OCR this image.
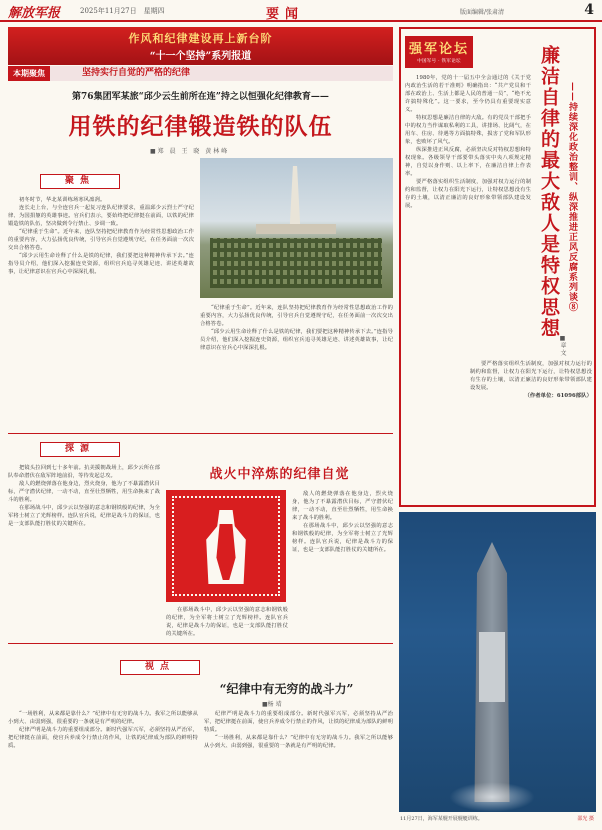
解放军报	2025年11月27日　星期四	要闻	版面编辑/张肃清	4
作风和纪律建设再上新台阶
“十一个坚持”系列报道
本期聚焦	坚持实行自觉的严格的纪律
第76集团军某旅“邱少云生前所在连”持之以恒强化纪律教育——
用铁的纪律锻造铁的队伍
■郑 晨 王 晓 黄林峰
聚焦

初冬时节，华北某训练场寒风凛冽。

连长走上台，与全连官兵一起复习连队纪律要求，重温邱少云烈士严守纪律、为国捐躯的英雄事迹。官兵们表示，要始终把纪律挺在前面，以铁的纪律锻造铁的队伍，坚决做到令行禁止、步调一致。

“纪律重于生命”。近年来，连队坚持把纪律教育作为经常性思想政治工作的重要内容，大力弘扬优良传统，引导官兵自觉遵规守纪，在任务面前一次次交出合格答卷。

“邱少云用生命诠释了什么是铁的纪律，我们要把这种精神传承下去。”连指导员介绍，他们深入挖掘连史资源，组织官兵追寻英雄足迹、讲述英雄故事，让纪律意识在官兵心中深深扎根。

“纪律重于生命”。近年来，连队坚持把纪律教育作为经常性思想政治工作的重要内容，大力弘扬优良传统，引导官兵自觉遵规守纪，在任务面前一次次交出合格答卷。

“邱少云用生命诠释了什么是铁的纪律，我们要把这种精神传承下去。”连指导员介绍，他们深入挖掘连史资源，组织官兵追寻英雄足迹、讲述英雄故事，让纪律意识在官兵心中深深扎根。

探源

把镜头拉回到七十多年前。抗美援朝战场上，邱少云所在部队奉命潜伏在敌军阵地前沿，等待发起总攻。

敌人的燃烧弹落在他身边，烈火烧身，他为了不暴露潜伏目标，严守潜伏纪律，一动不动，直至壮烈牺牲，用生命换来了战斗的胜利。

在那场战斗中，邱少云以坚强的意志和钢铁般的纪律，为全军将士树立了光辉榜样。连队官兵说，纪律是战斗力的保证，也是一支部队能打胜仗的关键所在。

战火中淬炼的纪律自觉

敌人的燃烧弹落在他身边，烈火烧身，他为了不暴露潜伏目标，严守潜伏纪律，一动不动，直至壮烈牺牲，用生命换来了战斗的胜利。

在那场战斗中，邱少云以坚强的意志和钢铁般的纪律，为全军将士树立了光辉榜样。连队官兵说，纪律是战斗力的保证，也是一支部队能打胜仗的关键所在。

在那场战斗中，邱少云以坚强的意志和钢铁般的纪律，为全军将士树立了光辉榜样。连队官兵说，纪律是战斗力的保证，也是一支部队能打胜仗的关键所在。

视点
“纪律中有无穷的战斗力”
■杨 靖

“一场胜利，从来都是靠什么？”纪律中有无穷的战斗力。我军之所以能够从小到大、由弱到强，很重要的一条就是有严明的纪律。

纪律严明是战斗力的重要组成部分。新时代强军兴军，必须坚持从严治军，把纪律挺在前面，使官兵养成令行禁止的作风，让铁的纪律成为部队的鲜明特质。

纪律严明是战斗力的重要组成部分。新时代强军兴军，必须坚持从严治军，把纪律挺在前面，使官兵养成令行禁止的作风，让铁的纪律成为部队的鲜明特质。

“一场胜利，从来都是靠什么？”纪律中有无穷的战斗力。我军之所以能够从小到大、由弱到强，很重要的一条就是有严明的纪律。

强军论坛
中国军号 · 铁军论坛	廉洁自律的最大敌人是特权思想 ——持续深化政治整训、纵深推进正风反腐系列谈⑧
■章 文

1980年，党的十一届五中全会通过的《关于党内政治生活的若干准则》明确指出：“共产党员和干部在政治上、生活上都是人民的普通一员”，“绝不允许搞特殊化”。这一要求，至今仍具有重要现实意义。

特权思想是廉洁自律的大敌。有的党员干部把手中的权力当作谋取私利的工具，讲排场、比阔气，在用车、住房、待遇等方面搞特殊，损害了党和军队形象，也败坏了风气。

纵深推进正风反腐，必须坚决反对特权思想和特权现象。各级领导干部要带头落实中央八项规定精神，自觉以身作则、以上率下，在廉洁自律上作表率。

要严格落实组织生活制度，加强对权力运行的制约和监督，让权力在阳光下运行，让特权思想没有生存的土壤，以清正廉洁的良好形象带领部队建设发展。

要严格落实组织生活制度，加强对权力运行的制约和监督，让权力在阳光下运行，让特权思想没有生存的土壤，以清正廉洁的良好形象带领部队建设发展。

（作者单位：61096部队）

11月27日，海军某舰开展舰艇训练。	邵光 摄
